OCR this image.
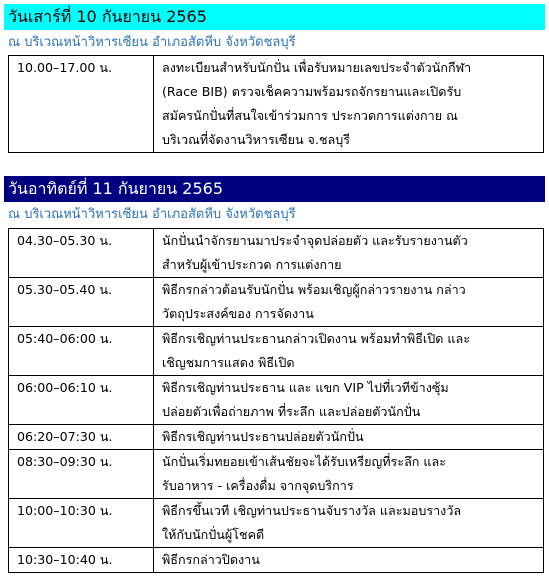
วันเสาร์ที่ 10 กันยายน 2565
ณ บริเวณหน้าวิหารเซียน อำเภอสัตหีบ จังหวัดชลบุรี
10.00–17.00 น.	ลงทะเบียนสำหรับนักปั่น เพื่อรับหมายเลขประจำตัวนักกีฬา
(Race BIB) ตรวจเช็คความพร้อมรถจักรยานและเปิดรับ
สมัครนักปั่นที่สนใจเข้าร่วมการ ประกวดการแต่งกาย ณ
บริเวณที่จัดงานวิหารเซียน จ.ชลบุรี
วันอาทิตย์ที่ 11 กันยายน 2565
ณ บริเวณหน้าวิหารเซียน อำเภอสัตหีบ จังหวัดชลบุรี
04.30–05.30 น.	นักปั่นนำจักรยานมาประจำจุดปล่อยตัว และรับรายงานตัว
สำหรับผู้เข้าประกวด การแต่งกาย
05.30–05.40 น.	พิธีกรกล่าวต้อนรับนักปั่น พร้อมเชิญผู้กล่าวรายงาน กล่าว
วัตถุประสงค์ของ การจัดงาน
05:40–06:00 น.	พิธีกรเชิญท่านประธานกล่าวเปิดงาน พร้อมทำพิธีเปิด และ
เชิญชมการแสดง พิธีเปิด
06:00–06:10 น.	พิธีกรเชิญท่านประธาน และ แขก VIP ไปที่เวทีข้างซุ้ม
ปล่อยตัวเพื่อถ่ายภาพ ที่ระลึก และปล่อยตัวนักปั่น
06:20–07:30 น.	พิธีกรเชิญท่านประธานปล่อยตัวนักปั่น
08:30–09:30 น.	นักปั่นเริ่มทยอยเข้าเส้นชัยจะได้รับเหรียญที่ระลึก และ
รับอาหาร - เครื่องดื่ม จากจุดบริการ
10:00–10:30 น.	พิธีกรขึ้นเวที เชิญท่านประธานจับรางวัล และมอบรางวัล
ให้กับนักปั่นผู้โชคดี
10:30–10:40 น.	พิธีกรกล่าวปิดงาน
